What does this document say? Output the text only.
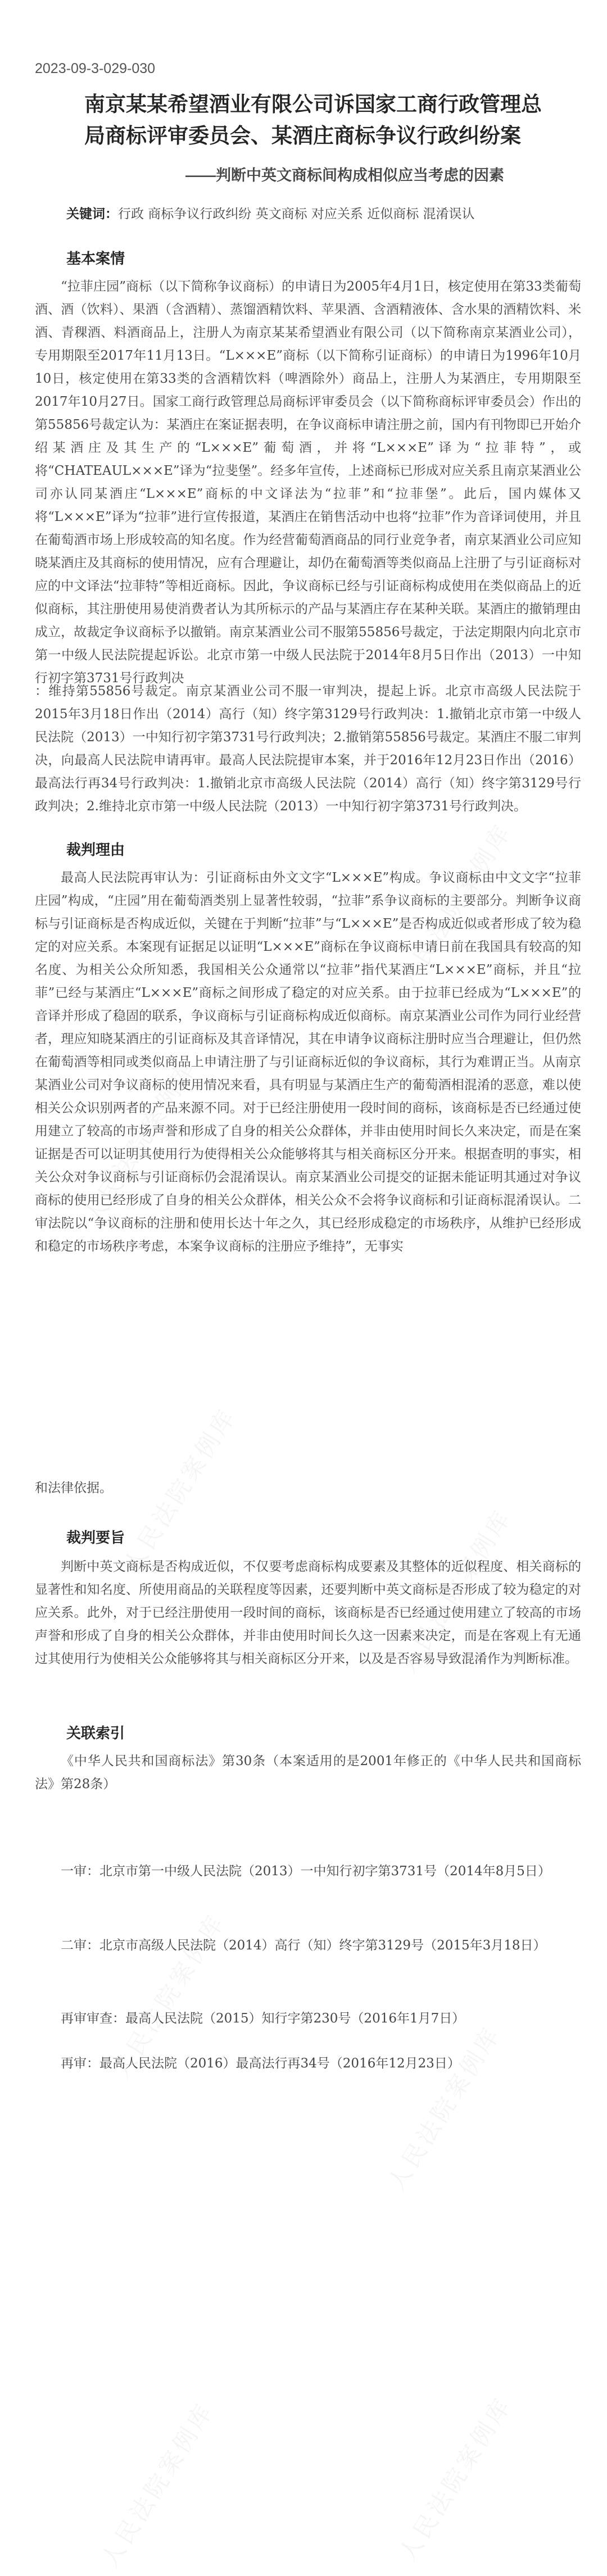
2023-09-3-029-030
南京某某希望酒业有限公司诉国家工商行政管理总局商标评审委员会、某酒庄商标争议行政纠纷案
——判断中英文商标间构成相似应当考虑的因素
关键词：行政 商标争议行政纠纷 英文商标 对应关系 近似商标 混淆误认
基本案情

“拉菲庄园”商标（以下简称争议商标）的申请日为2005年4月1日，核定使用在第33类葡萄酒、酒（饮料）、果酒（含酒精）、蒸馏酒精饮料、苹果酒、含酒精液体、含水果的酒精饮料、米酒、青稞酒、料酒商品上，注册人为南京某某希望酒业有限公司（以下简称南京某酒业公司），专用期限至2017年11月13日。“L×××E”商标（以下简称引证商标）的申请日为1996年10月10日，核定使用在第33类的含酒精饮料（啤酒除外）商品上，注册人为某酒庄，专用期限至2017年10月27日。国家工商行政管理总局商标评审委员会（以下简称商标评审委员会）作出的第55856号裁定认为：某酒庄在案证据表明，在争议商标申请注册之前，国内有刊物即已开始介绍某酒庄及其生产的“L×××E”葡萄酒，并将“L×××E”译为“拉菲特”，或将“CHATEAUL×××E”译为“拉斐堡”。经多年宣传，上述商标已形成对应关系且南京某酒业公司亦认同某酒庄“L×××E”商标的中文译法为“拉菲”和“拉菲堡”。此后，国内媒体又将“L×××E”译为“拉菲”进行宣传报道，某酒庄在销售活动中也将“拉菲”作为音译词使用，并且在葡萄酒市场上形成较高的知名度。作为经营葡萄酒商品的同行业竞争者，南京某酒业公司应知晓某酒庄及其商标的使用情况，应有合理避让，却仍在葡萄酒等类似商品上注册了与引证商标对应的中文译法“拉菲特”等相近商标。因此，争议商标已经与引证商标构成使用在类似商品上的近似商标，其注册使用易使消费者认为其所标示的产品与某酒庄存在某种关联。某酒庄的撤销理由成立，故裁定争议商标予以撤销。南京某酒业公司不服第55856号裁定，于法定期限内向北京市第一中级人民法院提起诉讼。北京市第一中级人民法院于2014年8月5日作出（2013）一中知行初字第3731号行政判决

：维持第55856号裁定。南京某酒业公司不服一审判决，提起上诉。北京市高级人民法院于2015年3月18日作出（2014）高行（知）终字第3129号行政判决：1.撤销北京市第一中级人民法院（2013）一中知行初字第3731号行政判决；2.撤销第55856号裁定。某酒庄不服二审判决，向最高人民法院申请再审。最高人民法院提审本案，并于2016年12月23日作出（2016）最高法行再34号行政判决：1.撤销北京市高级人民法院（2014）高行（知）终字第3129号行政判决；2.维持北京市第一中级人民法院（2013）一中知行初字第3731号行政判决。

裁判理由

最高人民法院再审认为：引证商标由外文文字“L×××E”构成。争议商标由中文文字“拉菲庄园”构成，“庄园”用在葡萄酒类别上显著性较弱，“拉菲”系争议商标的主要部分。判断争议商标与引证商标是否构成近似，关键在于判断“拉菲”与“L×××E”是否构成近似或者形成了较为稳定的对应关系。本案现有证据足以证明“L×××E”商标在争议商标申请日前在我国具有较高的知名度、为相关公众所知悉，我国相关公众通常以“拉菲”指代某酒庄“L×××E”商标，并且“拉菲”已经与某酒庄“L×××E”商标之间形成了稳定的对应关系。由于拉菲已经成为“L×××E”的音译并形成了稳固的联系，争议商标与引证商标构成近似商标。南京某酒业公司作为同行业经营者，理应知晓某酒庄的引证商标及其音译情况，其在申请争议商标注册时应当合理避让，但仍然在葡萄酒等相同或类似商品上申请注册了与引证商标近似的争议商标，其行为难谓正当。从南京某酒业公司对争议商标的使用情况来看，具有明显与某酒庄生产的葡萄酒相混淆的恶意，难以使相关公众识别两者的产品来源不同。对于已经注册使用一段时间的商标，该商标是否已经通过使用建立了较高的市场声誉和形成了自身的相关公众群体，并非由使用时间长久来决定，而是在案证据是否可以证明其使用行为使得相关公众能够将其与相关商标区分开来。根据查明的事实，相关公众对争议商标与引证商标仍会混淆误认。南京某酒业公司提交的证据未能证明其通过对争议商标的使用已经形成了自身的相关公众群体，相关公众不会将争议商标和引证商标混淆误认。二审法院以“争议商标的注册和使用长达十年之久，其已经形成稳定的市场秩序，从维护已经形成和稳定的市场秩序考虑，本案争议商标的注册应予维持”，无事实

和法律依据。

裁判要旨

判断中英文商标是否构成近似，不仅要考虑商标构成要素及其整体的近似程度、相关商标的显著性和知名度、所使用商品的关联程度等因素，还要判断中英文商标是否形成了较为稳定的对应关系。此外，对于已经注册使用一段时间的商标，该商标是否已经通过使用建立了较高的市场声誉和形成了自身的相关公众群体，并非由使用时间长久这一因素来决定，而是在客观上有无通过其使用行为使相关公众能够将其与相关商标区分开来，以及是否容易导致混淆作为判断标准。

关联索引

《中华人民共和国商标法》第30条（本案适用的是2001年修正的《中华人民共和国商标法》第28条）

一审：北京市第一中级人民法院（2013）一中知行初字第3731号（2014年8月5日）

二审：北京市高级人民法院（2014）高行（知）终字第3129号（2015年3月18日）

再审审查：最高人民法院（2015）知行字第230号（2016年1月7日）

再审：最高人民法院（2016）最高法行再34号（2016年12月23日）
